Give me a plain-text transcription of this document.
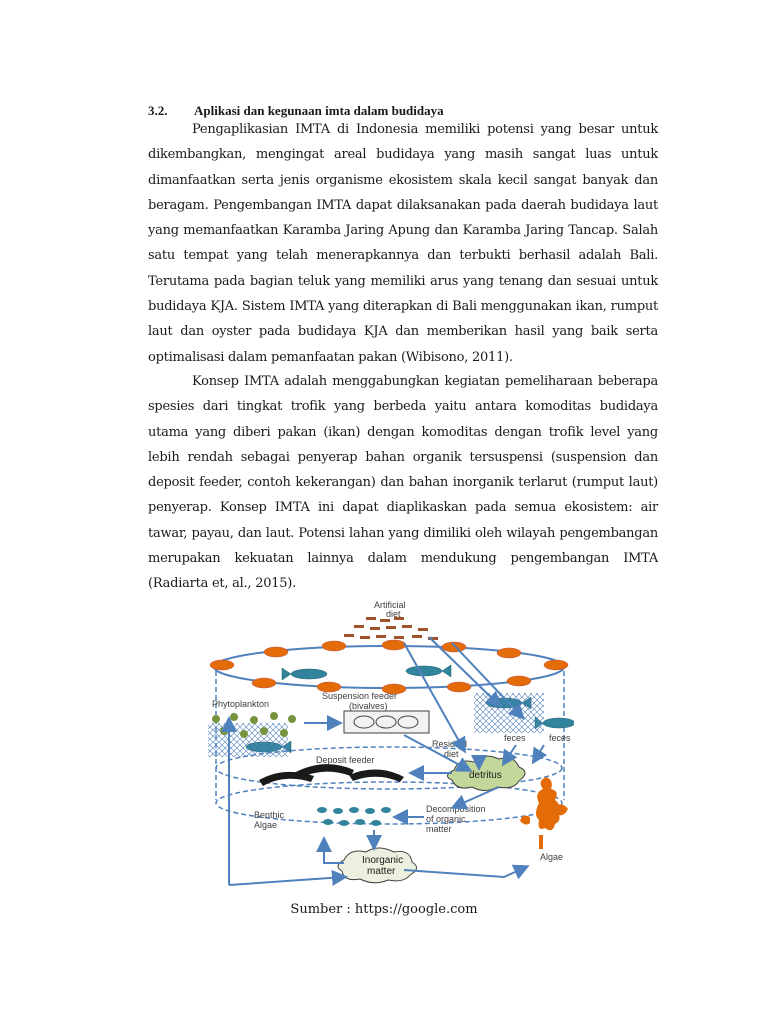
3.2. Aplikasi dan kegunaan imta dalam budidaya

Pengaplikasian IMTA di Indonesia memiliki potensi yang besar untuk dikembangkan, mengingat areal budidaya yang masih sangat luas untuk dimanfaatkan serta jenis organisme ekosistem skala kecil sangat banyak dan beragam. Pengembangan IMTA dapat dilaksanakan pada daerah budidaya laut yang memanfaatkan Karamba Jaring Apung dan Karamba Jaring Tancap. Salah satu tempat yang telah menerapkannya dan terbukti berhasil adalah Bali. Terutama pada bagian teluk yang memiliki arus yang tenang dan sesuai untuk budidaya KJA. Sistem IMTA yang diterapkan di Bali menggunakan ikan, rumput laut dan oyster pada budidaya KJA dan memberikan hasil yang baik serta optimalisasi dalam pemanfaatan pakan (Wibisono, 2011).

Konsep IMTA adalah menggabungkan kegiatan pemeliharaan beberapa spesies dari tingkat trofik yang berbeda yaitu antara komoditas budidaya utama yang diberi pakan (ikan) dengan komoditas dengan trofik level yang lebih rendah sebagai penyerap bahan organik tersuspensi (suspension dan deposit feeder, contoh kekerangan) dan bahan inorganik terlarut (rumput laut) penyerap. Konsep IMTA ini dapat diaplikaskan pada semua ekosistem: air tawar, payau, dan laut. Potensi lahan yang dimiliki oleh wilayah pengembangan merupakan kekuatan lainnya dalam mendukung pengembangan IMTA (Radiarta et, al., 2015).

Artificial
diet
Phytoplankton
Suspension feeder
(bivalves)
Residual
diet
feces	feces
detritus
Deposit feeder
Benthic
Algae
Decomposition
of organic
matter
Inorganic
matter
Algae
Sumber : https://google.com
